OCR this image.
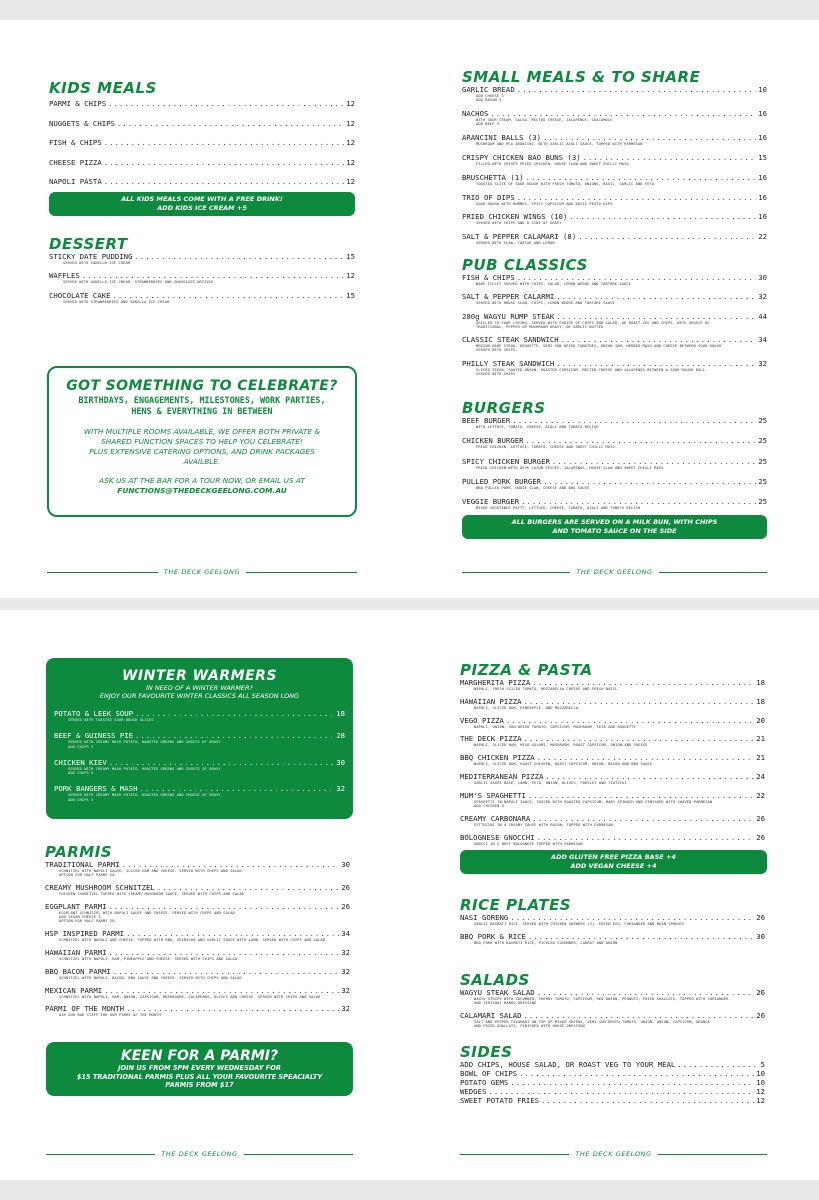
KIDS MEALS
PARMI & CHIPS .....	12
NUGGETS & CHIPS .....	12
FISH & CHIPS .....	12
CHEESE PIZZA .....	12
NAPOLI PASTA .....	12
ALL KIDS MEALS COME WITH A FREE DRINK!
ADD KIDS ICE CREAM +5
DESSERT
STICKY DATE PUDDING .....	15
SERVED WITH VANILLA ICE CREAM
WAFFLES .....	12
SERVED WITH VANILLA ICE CREAM, STRAWBERRIES AND CHOCOLATE DRIZZLE
CHOCOLATE CAKE .....	15
SERVED WITH STRAWBERRIES AND VANILLA ICE CREAM
GOT SOMETHING TO CELEBRATE?
BIRTHDAYS, ENGAGEMENTS, MILESTONES, WORK PARTIES,
HENS & EVERYTHING IN BETWEEN
WITH MULTIPLE ROOMS AVAILABLE, WE OFFER BOTH PRIVATE &
SHARED FUNCTION SPACES TO HELP YOU CELEBRATE!
PLUS EXTENSIVE CATERING OPTIONS, AND DRINK PACKAGES
AVAILBLE.
ASK US AT THE BAR FOR A TOUR NOW, OR EMAIL US AT
FUNCTIONS@THEDECKGEELONG.COM.AU
THE DECK GEELONG
SMALL MEALS & TO SHARE
GARLIC BREAD .....	10
ADD CHEESE 3
ADD BACON 3
NACHOS .....	16
WITH SOUR CREAM, SALSA, MELTED CHEESE, JALAPENOS, GUACAMOLE
ADD BEEF 5
ARANCINI BALLS (3) .....	16
MUSHROOM AND PEA ARANCINI, WITH GARLIC AIOLI SAUCE, TOPPED WITH PARMESAN
CRISPY CHICKEN BAO BUNS (3) .....	15
FILLED WITH CRISPY FRIED CHICKEN, HOUSE SLAW AND SWEET CHILLI MAYO
BRUSCHETTA (1) .....	16
TOASTED SLICE OF SOUR DOUGH WITH FRESH TOMATO, ONIONS, BASIL, GARLIC AND FETA
TRIO OF DIPS .....	16
SOUR DOUGH WITH HUMMUS, SPICY CAPSICUM AND BASIL PESTO DIPS
FRIED CHICKEN WINGS (10) .....	16
SERVED WITH CHIPS AND A SIDE OF GRAVY
SALT & PEPPER CALAMARI (8) .....	22
SERVED WITH SLAW, TARTAR AND LEMON
PUB CLASSICS
FISH & CHIPS .....	30
NAKE FILLET SERVED WITH CHIPS, SALAD, LEMON WEDGE AND TARTARE SAUCE
SALT & PEPPER CALARMI .....	32
SERVED WITH HOUSE SLAW, CHIPS, LEMON WEDGE AND TARTARE SAUCE
280g WAGYU RUMP STEAK .....	44
GRILLED TO YOUR LIKING, SERVED WITH CHOICE OF CHIPS AND SALAD, OR ROAST VEG AND CHIPS. WITH CHOICE OF
TRADITIONAL, PEPPER OR MUSHROOM GRAVY, OR GARLIC BUTTER
CLASSIC STEAK SANDWICH .....	34
MEDIUM RARE STEAK, ROQUETTE, SEMI SUN DRIED TOMATOES, ONION JAM, HERBED MAYO AND CHEESE BETWEEN SOUR DOUGH
SERVED WITH CHIPS
PHILLY STEAK SANDWICH .....	32
SLICED STEAK, SAUTED ONION, ROASTED CAPSICUM, MELTED CHEESE AND JALAPENOS BETWEEN A SOUR DOUGH ROLL.
SERVED WITH CHIPS
BURGERS
BEEF BURGER .....	25
WITH LETTUCE, TOMATO, CHEESE, AIOLI AND TOMATO RELISH
CHICKEN BURGER .....	25
FRIED CHICKEN, LETTUCE, TOMATO, CHEESE AND SWEET CHILLI MAYO
SPICY CHICKEN BURGER .....	25
FRIED CHICKEN WITH DECK CAJUN SPICES, JALAPENOS, HOUSE SLAW AND SWEET CHILLI MAYO
PULLED PORK BURGER .....	25
BBQ PULLED PORK, HOUSE SLAW, CHEESE AND BBQ SAUCE
VEGGIE BURGER .....	25
MIXED VEGETABLE PATTY, LETTUCE, CHEESE, TOMATO, AIOLI AND TOMATO RELISH
ALL BURGERS ARE SERVED ON A MILK BUN, WITH CHIPS
AND TOMATO SAUCE ON THE SIDE
THE DECK GEELONG
WINTER WARMERS
IN NEED OF A WINTER WARMER?
ENJOY OUR FAVOURITE WINTER CLASSICS ALL SEASON LONG
POTATO & LEEK SOUP .....	18
SERVED WITH TOASTED SOUR DOUGH SLICES
BEEF & GUINESS PIE .....	28
SERVED WITH CREAMY MASH POTATO, ROASTED GREENS AND CHOICE OF GRAVY
ADD CHIPS 5
CHICKEN KIEV .....	30
SERVED WITH CREAMY MASH POTATO, ROASTED GREENS AND CHOICE OF GRAVY
ADD CHIPS 5
PORK BANGERS & MASH .....	32
SERVED WITH CREAMY MASH POTATO, ROASTED GREENS AND CHOICE OF GRAVY
ADD CHIPS 5
PARMIS
TRADITIONAL PARMI .....	30
SCHNITZEL WITH NAPOLI SAUCE, SLICED HAM AND CHEESE. SERVED WITH CHIPS AND SALAD
OPTION FOR HALF PARMI 20
CREAMY MUSHROOM SCHNITZEL .....	26
CHICKEN SCHNITZEL TOPPED WITH CREAMY MUSHROOM SAUCE, SERVED WITH CHIPS AND SALAD
EGGPLANT PARMI .....	26
EGGPLANT SCHNITZEL WITH NAPOLI SAUCE AND CHEESE. SERVED WITH CHIPS AND SALAD
ADD VEGAN CHEESE 3
OPTION FOR HALF PARMI 20
HSP INSPIRED PARMI .....	34
SCHNITZEL WITH NAPOLI AND CHEESE, TOPPED WITH BBQ, SRIRACHA AND GARLIC SAUCE WITH LAMB. SERVED WITH CHIPS AND SALAD
HAWAIIAN PARMI .....	32
SCHNITZEL WITH NAPOLI, HAM, PINEAPPLE AND CHEESE. SERVED WITH CHIPS AND SALAD
BBQ BACON PARMI .....	32
SCHNITZEL WITH NAPOLI, BACON, BBQ SAUCE AND CHEESE. SERVED WITH CHIPS AND SALAD
MEXICAN PARMI .....	32
SCHNITZEL WITH NAPOLI, HAM, ONION, CAPSICUM, MUSHROOMS, JALAPENOS, OLIVES AND CHEESE. SERVED WITH CHIPS AND SALAD
PARMI OF THE MONTH .....	32
ASK OUR BAR STAFF FOR OUR PARMI OF THE MONTH
KEEN FOR A PARMI?
JOIN US FROM 5PM EVERY WEDNESDAY FOR
$15 TRADITIONAL PARMIS PLUS ALL YOUR FAVOURITE SPEACIALTY
PARMIS FROM $17
THE DECK GEELONG
PIZZA & PASTA
MARGHERITA PIZZA .....	18
NAPOLI, FRESH SLICED TOMATO, MOZZARELLA CHEESE AND FRESH BASIL
HAWAIIAN PIZZA .....	18
NAPOLI, SLICED HAM, PINEAPPLE, AND MOZZARELLA
VEGO PIZZA .....	20
NAPOLI, ONION, SUN-DRIED TOMATO, CAPSICUM, MUSHROOM, FETA AND ROQUETTE
THE DECK PIZZA .....	21
NAPOLI, SLICED HAM, MILD SALAMI, MUSHROOM, ROAST CAPSICUM, ONION AND CHEESE
BBQ CHICKEN PIZZA .....	21
NAPOLI, SLICED HAM, ROAST CHICKEN, ROAST CAPSICUM, ONION, BACON AND BBQ SAUCE
MEDITERRANEAN PIZZA .....	24
GARLIC SAUCE BASE, LAMB, FETA, ONION, OLIVES, PARSLEY AND TZATZIKI
MUM'S SPAGHETTI .....	22
SPAGHETTI IN NAPOLI SAUCE, TOSSED WITH ROASTED CAPSICUM, BABY SPINACH AND FINISHED WITH SHAVED PARMESAN
ADD CHICKEN 5
CREAMY CARBONARA .....	26
FETTUCINI IN A CREAMY SAUCE WITH BACON, TOPPED WITH PARMESAN
BOLOGNESE GNOCCHI .....	26
GNOCCI IN A BEEF BOLOGNESE TOPPED WITH PARMESAN
ADD GLUTEN FREE PIZZA BASE +4
ADD VEGAN CHEESE +4
RICE PLATES
NASI GORENG .....	26
GARLIC BASMATI RICE, SERVED WITH CHICKEN SKEWERS (3), FRIED EGG, CORIANDER AND BEAN SPROUTS
BBQ PORK & RICE .....	30
BBQ PORK WITH BASMATI RICE, PICKLED CUCUMBER, CARROT AND ONION
SALADS
WAGYU STEAK SALAD .....	26
WAGYU STRIPS WITH CUCUMBER, CHERRY TOMATO, CAPSICUM, RED ONION, PEANUTS, FRIED SHALLOTS, TOPPED WITH CORIANDER
AND TERIYAKI MANGO DRESSING
CALAMARI SALAD .....	26
SALT AND PEPPER CALAMARI ON TOP OF MIXED GREENS, SEMI SUN DRIED TOMATO, ONION, ONION, CAPSICUM, ORANGE
AND FRIED SHALLOTS, FINISHED WITH HOUSE DRESSING
SIDES
ADD CHIPS, HOUSE SALAD, OR ROAST VEG TO YOUR MEAL .....	5
BOWL OF CHIPS .....	10
POTATO GEMS .....	10
WEDGES .....	12
SWEET POTATO FRIES .....	12
THE DECK GEELONG
